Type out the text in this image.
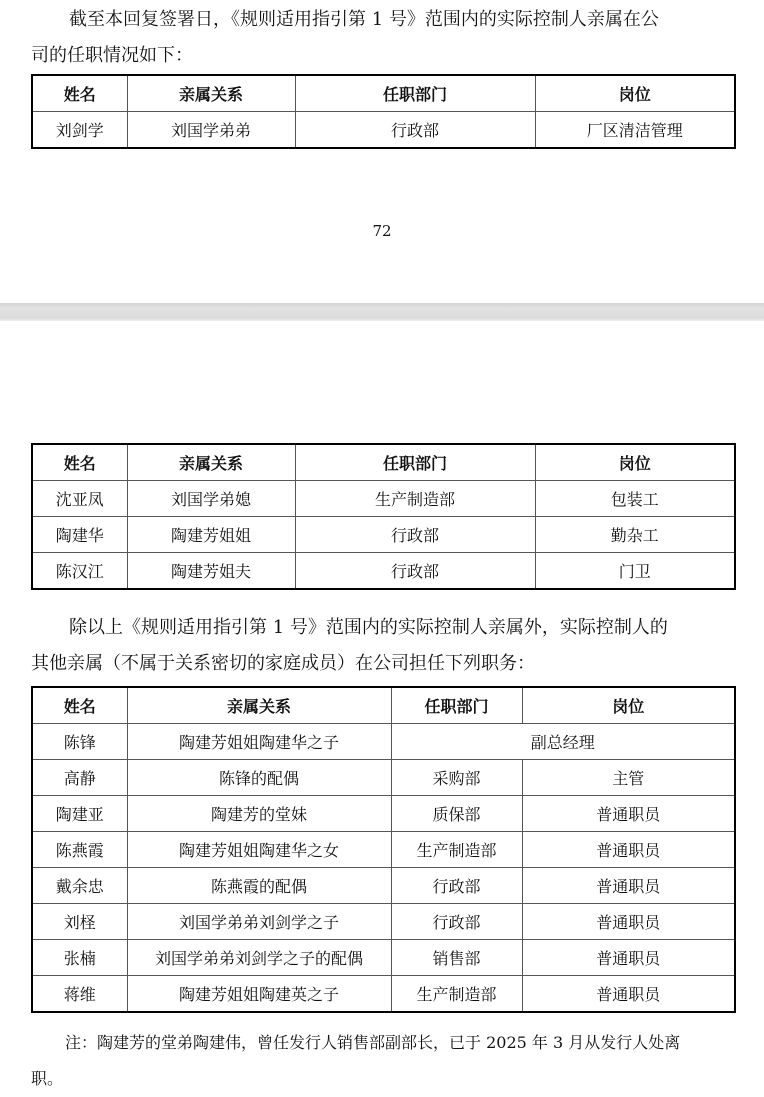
截至本回复签署日，《规则适用指引第 1 号》范围内的实际控制人亲属在公
司的任职情况如下：

姓名	亲属关系	任职部门	岗位
刘剑学	刘国学弟弟	行政部	厂区清洁管理
72
姓名	亲属关系	任职部门	岗位
沈亚凤	刘国学弟媳	生产制造部	包装工
陶建华	陶建芳姐姐	行政部	勤杂工
陈汉江	陶建芳姐夫	行政部	门卫

除以上《规则适用指引第 1 号》范围内的实际控制人亲属外，实际控制人的
其他亲属（不属于关系密切的家庭成员）在公司担任下列职务：

姓名	亲属关系	任职部门	岗位
陈锋	陶建芳姐姐陶建华之子	副总经理	
高静	陈锋的配偶	采购部	主管
陶建亚	陶建芳的堂妹	质保部	普通职员
陈燕霞	陶建芳姐姐陶建华之女	生产制造部	普通职员
戴余忠	陈燕霞的配偶	行政部	普通职员
刘柽	刘国学弟弟刘剑学之子	行政部	普通职员
张楠	刘国学弟弟刘剑学之子的配偶	销售部	普通职员
蒋维	陶建芳姐姐陶建英之子	生产制造部	普通职员

注：陶建芳的堂弟陶建伟，曾任发行人销售部副部长，已于 2025 年 3 月从发行人处离
职。
